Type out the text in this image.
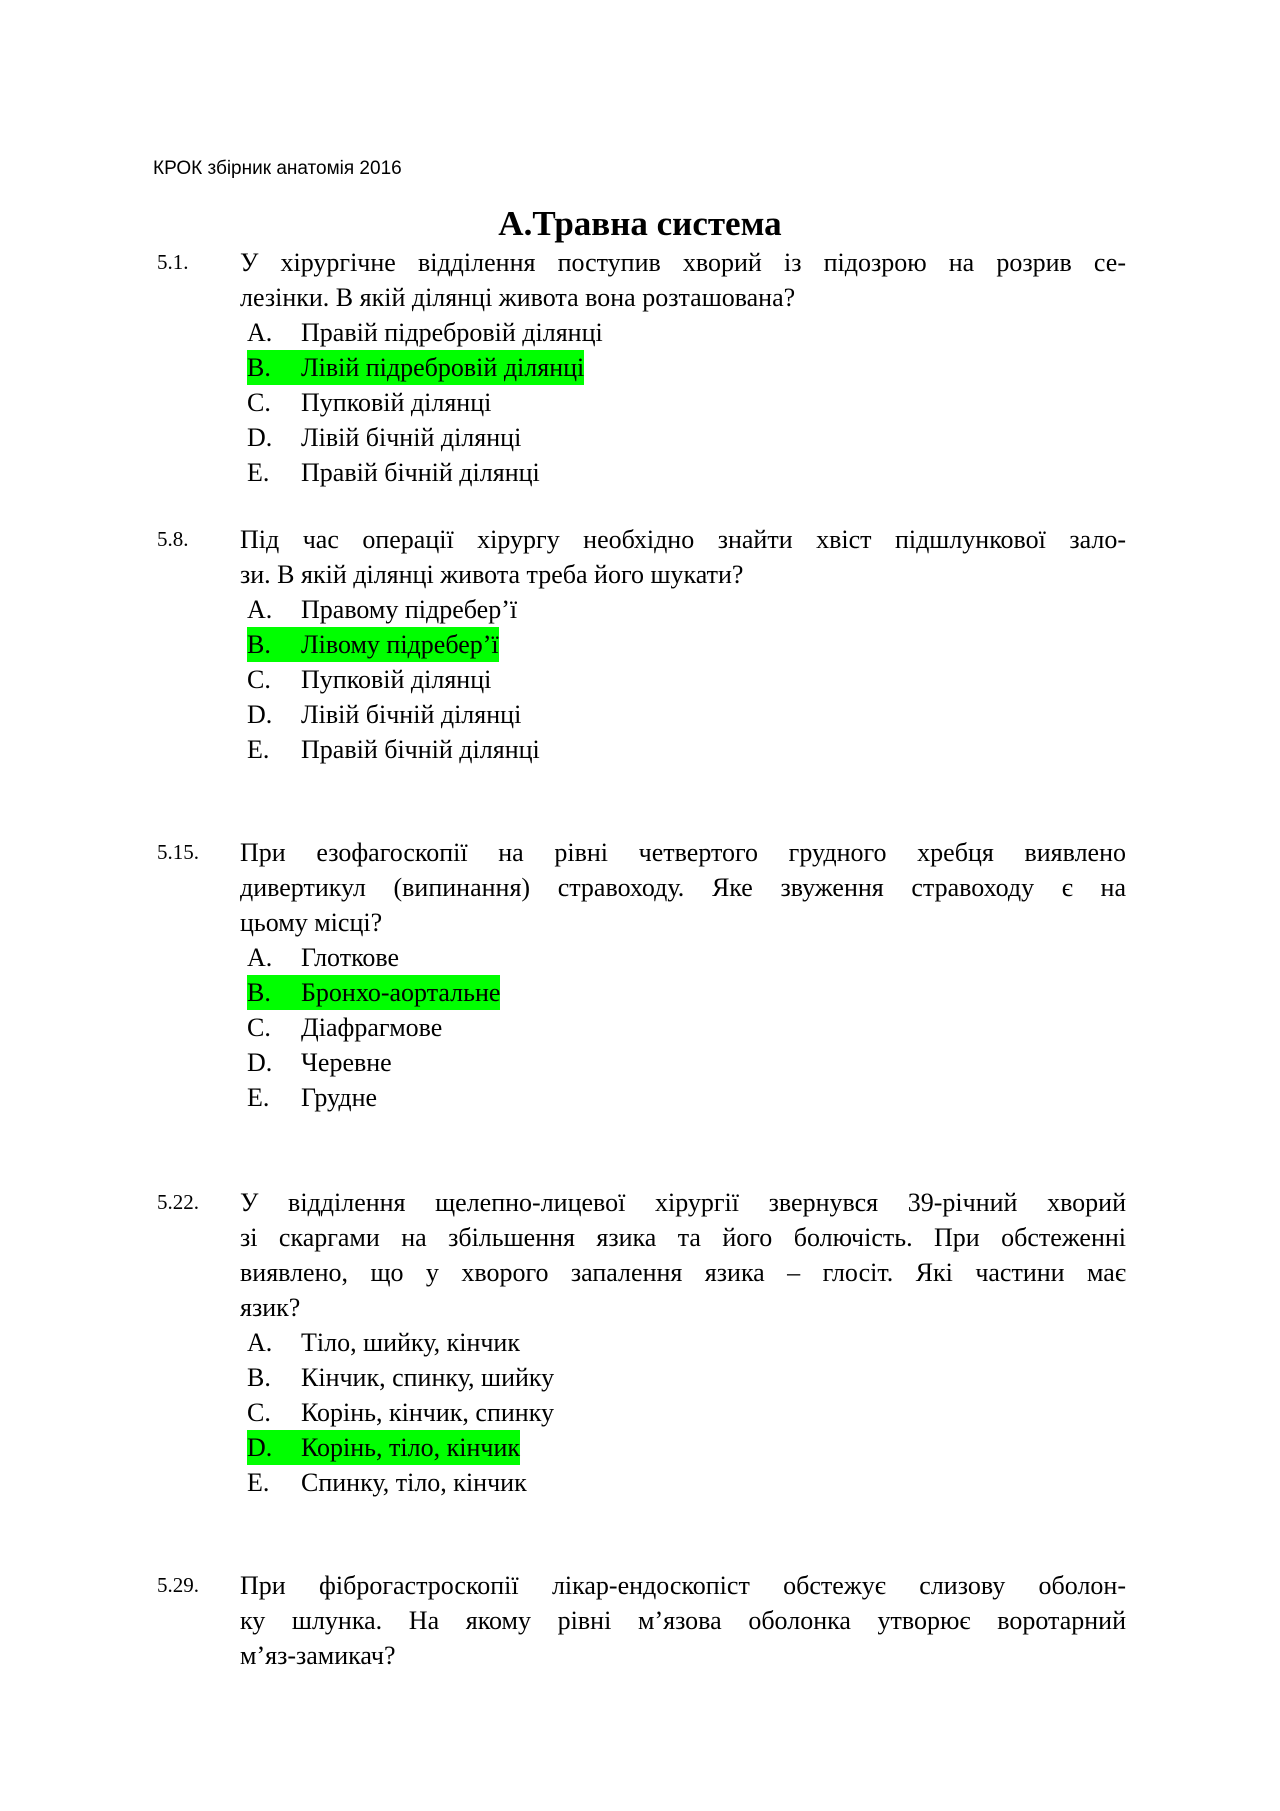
КРОК збірник анатомія 2016
А.Травна система
5.1. У хірургічне відділення поступив хворий із підозрою на розрив се-
лезінки. В якій ділянці живота вона розташована?
A. Правій підребровій ділянці
B. Лівій підребровій ділянці
C. Пупковій ділянці
D. Лівій бічній ділянці
E. Правій бічній ділянці
5.8. Під час операції хірургу необхідно знайти хвіст підшлункової зало-
зи. В якій ділянці живота треба його шукати?
A. Правому підребер’ї
B. Лівому підребер’ї
C. Пупковій ділянці
D. Лівій бічній ділянці
E. Правій бічній ділянці
5.15. При езофагоскопії на рівні четвертого грудного хребця виявлено
дивертикул (випинання) стравоходу. Яке звуження стравоходу є на
цьому місці?
A. Глоткове
B. Бронхо-аортальне
C. Діафрагмове
D. Черевне
E. Грудне
5.22. У відділення щелепно-лицевої хірургії звернувся 39-річний хворий
зі скаргами на збільшення язика та його болючість. При обстеженні
виявлено, що у хворого запалення язика – глосіт. Які частини має
язик?
A. Тіло, шийку, кінчик
B. Кінчик, спинку, шийку
C. Корінь, кінчик, спинку
D. Корінь, тіло, кінчик
E. Спинку, тіло, кінчик
5.29. При фіброгастроскопії лікар-ендоскопіст обстежує слизову оболон-
ку шлунка. На якому рівні м’язова оболонка утворює воротарний
м’яз-замикач?
